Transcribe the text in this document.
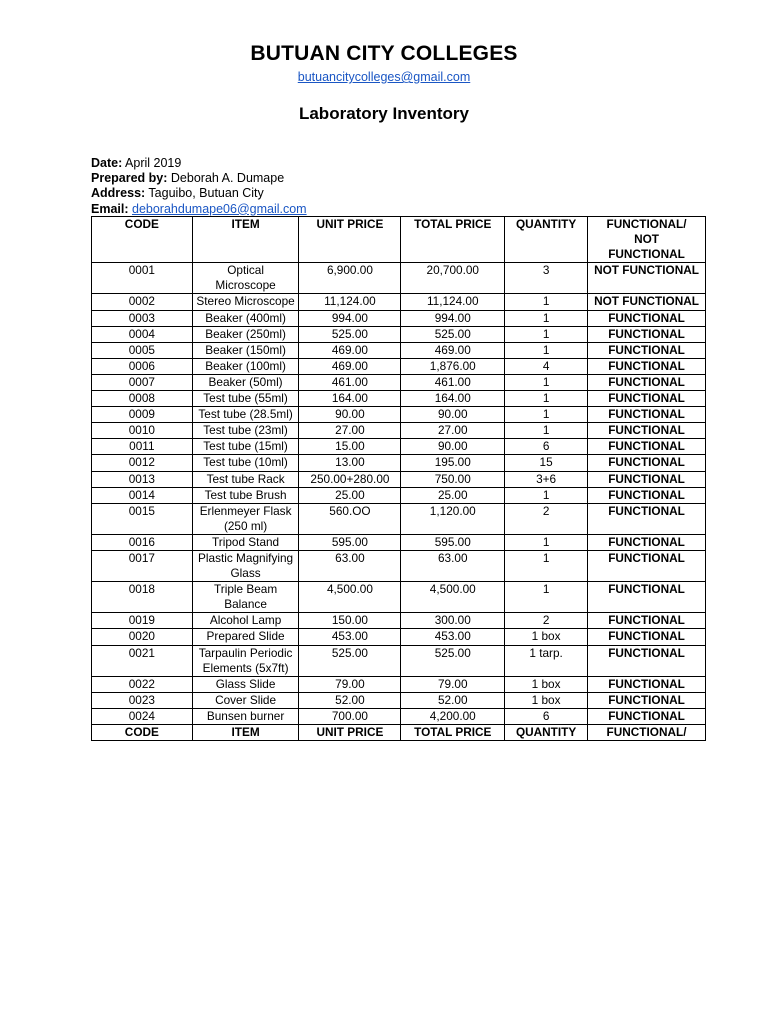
BUTUAN CITY COLLEGES
butuancitycolleges@gmail.com
Laboratory Inventory
Date: April 2019
Prepared by: Deborah A. Dumape
Address: Taguibo, Butuan City
Email: deborahdumape06@gmail.com
CODE	ITEM	UNIT PRICE	TOTAL PRICE	QUANTITY	FUNCTIONAL/ NOT FUNCTIONAL
0001	Optical Microscope	6,900.00	20,700.00	3	NOT FUNCTIONAL
0002	Stereo Microscope	11,124.00	11,124.00	1	NOT FUNCTIONAL
0003	Beaker (400ml)	994.00	994.00	1	FUNCTIONAL
0004	Beaker (250ml)	525.00	525.00	1	FUNCTIONAL
0005	Beaker (150ml)	469.00	469.00	1	FUNCTIONAL
0006	Beaker (100ml)	469.00	1,876.00	4	FUNCTIONAL
0007	Beaker (50ml)	461.00	461.00	1	FUNCTIONAL
0008	Test tube (55ml)	164.00	164.00	1	FUNCTIONAL
0009	Test tube (28.5ml)	90.00	90.00	1	FUNCTIONAL
0010	Test tube (23ml)	27.00	27.00	1	FUNCTIONAL
0011	Test tube (15ml)	15.00	90.00	6	FUNCTIONAL
0012	Test tube (10ml)	13.00	195.00	15	FUNCTIONAL
0013	Test tube Rack	250.00+280.00	750.00	3+6	FUNCTIONAL
0014	Test tube Brush	25.00	25.00	1	FUNCTIONAL
0015	Erlenmeyer Flask (250 ml)	560.OO	1,120.00	2	FUNCTIONAL
0016	Tripod Stand	595.00	595.00	1	FUNCTIONAL
0017	Plastic Magnifying Glass	63.00	63.00	1	FUNCTIONAL
0018	Triple Beam Balance	4,500.00	4,500.00	1	FUNCTIONAL
0019	Alcohol Lamp	150.00	300.00	2	FUNCTIONAL
0020	Prepared Slide	453.00	453.00	1 box	FUNCTIONAL
0021	Tarpaulin Periodic Elements (5x7ft)	525.00	525.00	1 tarp.	FUNCTIONAL
0022	Glass Slide	79.00	79.00	1 box	FUNCTIONAL
0023	Cover Slide	52.00	52.00	1 box	FUNCTIONAL
0024	Bunsen burner	700.00	4,200.00	6	FUNCTIONAL
CODE	ITEM	UNIT PRICE	TOTAL PRICE	QUANTITY	FUNCTIONAL/
